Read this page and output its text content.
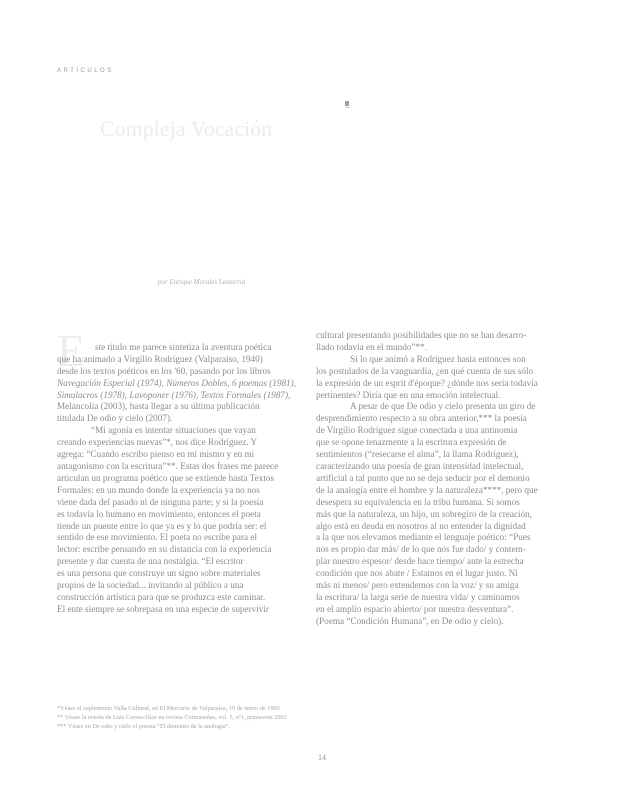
ARTÍCULOS
Compleja Vocación
por Enrique Morales Lastarria
E	ste título me parece sintetiza la aventura poética
que ha animado a Virgilio Rodríguez (Valparaíso, 1940)
desde los textos poéticos en los '60, pasando por los libros
Navegación Especial (1974), Números Dobles, 6 poemas (1981),
Simulacros (1978), Lavoponer (1976), Textos Formales (1987),
Melancolía (2003), hasta llegar a su última publicación
titulada De odio y cielo (2007).
“Mi agonía es intentar situaciones que vayan
creando experiencias nuevas”*, nos dice Rodríguez. Y
agrega: “Cuando escribo pienso en mí mismo y en mi
antagonismo con la escritura”**. Estas dos frases me parece
articulan un programa poético que se extiende hasta Textos
Formales: en un mundo donde la experiencia ya no nos
viene dada del pasado ni de ninguna parte; y si la poesía
es todavía lo humano en movimiento, entonces el poeta
tiende un puente entre lo que ya es y lo que podría ser: el
sentido de ese movimiento. El poeta no escribe para el
lector: escribe pensando en su distancia con la experiencia
presente y dar cuenta de una nostalgia. “El escritor
es una persona que construye un signo sobre materiales
propios de la sociedad... invitando al público a una
construcción artística para que se produzca este caminar.
El ente siempre se sobrepasa en una especie de supervivir
cultural presentando posibilidades que no se han desarro-
llado todavía en el mundo”**.
Si lo que animó a Rodríguez hasta entonces son
los postulados de la vanguardia, ¿en qué cuenta de sus sólo
la expresión de un esprit d'époque? ¿dónde nos sería todavía
pertinentes? Diría que en una emoción intelectual.
A pesar de que De odio y cielo presenta un giro de
desprendimiento respecto a su obra anterior,*** la poesía
de Virgilio Rodríguez sigue conectada a una antinomia
que se opone tenazmente a la escritura expresión de
sentimientos (“resecarse el alma”, la llama Rodríguez),
caracterizando una poesía de gran intensidad intelectual,
artificial a tal punto que no se deja seducir por el demonio
de la analogía entre el hombre y la naturaleza****, pero que
desespera su equivalencia en la tribu humana. Si somos
más que la naturaleza, un hijo, un sobregiro de la creación,
algo está en deuda en nosotros al no entender la dignidad
a la que nos elevamos mediante el lenguaje poético: “Pues
nos es propio dar más/ de lo que nos fue dado/ y contem-
plar nuestro espesor/ desde hace tiempo/ ante la estrecha
condición que nos abate / Estamos en el lugar justo. Ni
más ni menos/ pero extendemos con la voz/ y su amiga
la escritura/ la larga serie de nuestra vida/ y caminamos
en el amplio espacio abierto/ por nuestra desventura”.
(Poema “Condición Humana”, en De odio y cielo).
*Véase el suplemento Valla Cultural, en El Mercurio de Valparaíso, 19 de enero de 1995
** Véase la reseña de Luis Correa-Díaz en revista Contraseñas, vol. 5, nº1, primavera 2002
*** Véase en De odio y cielo el poema “El demonio de la analogía”.
14
